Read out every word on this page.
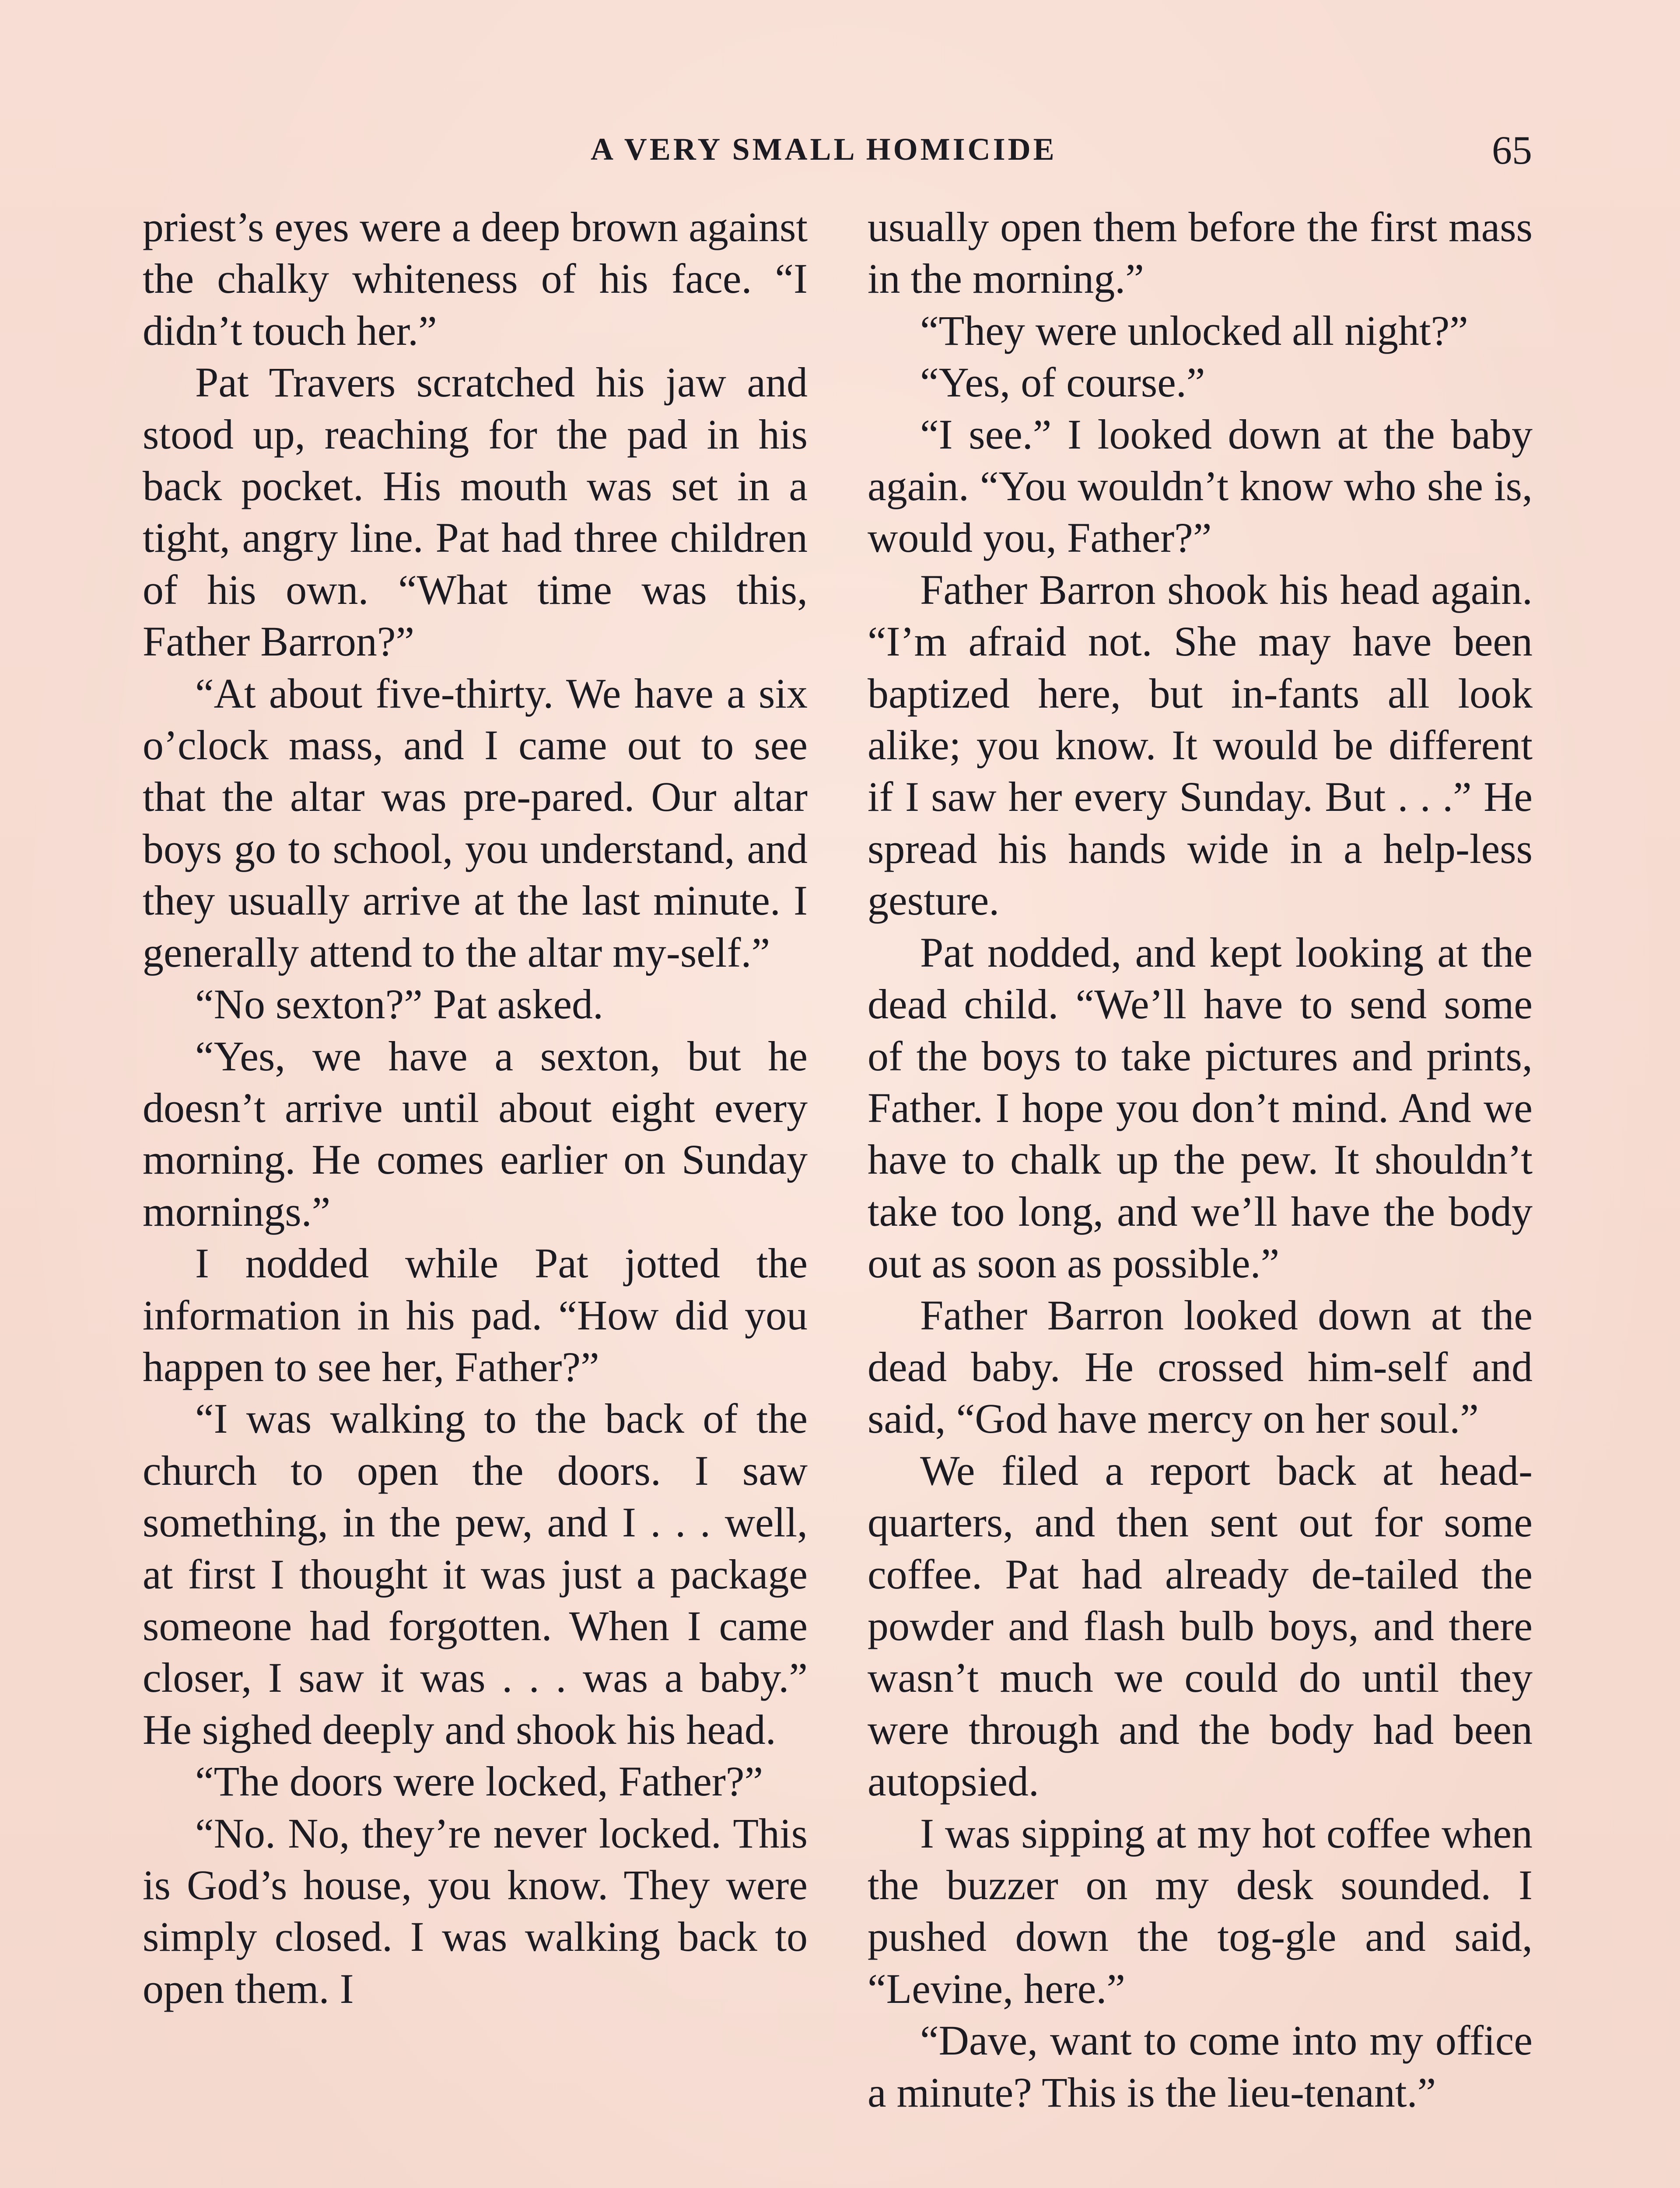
A VERY SMALL HOMICIDE	65

priest’s eyes were a deep brown against the chalky whiteness of his face. “I didn’t touch her.”

Pat Travers scratched his jaw and stood up, reaching for the pad in his back pocket. His mouth was set in a tight, angry line. Pat had three children of his own. “What time was this, Father Barron?”

“At about five-thirty. We have a six o’clock mass, and I came out to see that the altar was pre-pared. Our altar boys go to school, you understand, and they usually arrive at the last minute. I generally attend to the altar my-self.”

“No sexton?” Pat asked.

“Yes, we have a sexton, but he doesn’t arrive until about eight every morning. He comes earlier on Sunday mornings.”

I nodded while Pat jotted the information in his pad. “How did you happen to see her, Father?”

“I was walking to the back of the church to open the doors. I saw something, in the pew, and I . . . well, at first I thought it was just a package someone had forgotten. When I came closer, I saw it was . . . was a baby.” He sighed deeply and shook his head.

“The doors were locked, Father?”

“No. No, they’re never locked. This is God’s house, you know. They were simply closed. I was walking back to open them. I

usually open them before the first mass in the morning.”

“They were unlocked all night?”

“Yes, of course.”

“I see.” I looked down at the baby again. “You wouldn’t know who she is, would you, Father?”

Father Barron shook his head again. “I’m afraid not. She may have been baptized here, but in-fants all look alike; you know. It would be different if I saw her every Sunday. But . . .” He spread his hands wide in a help-less gesture.

Pat nodded, and kept looking at the dead child. “We’ll have to send some of the boys to take pictures and prints, Father. I hope you don’t mind. And we have to chalk up the pew. It shouldn’t take too long, and we’ll have the body out as soon as possible.”

Father Barron looked down at the dead baby. He crossed him-self and said, “God have mercy on her soul.”

We filed a report back at head-quarters, and then sent out for some coffee. Pat had already de-tailed the powder and flash bulb boys, and there wasn’t much we could do until they were through and the body had been autopsied.

I was sipping at my hot coffee when the buzzer on my desk sounded. I pushed down the tog-gle and said, “Levine, here.”

“Dave, want to come into my office a minute? This is the lieu-tenant.”
